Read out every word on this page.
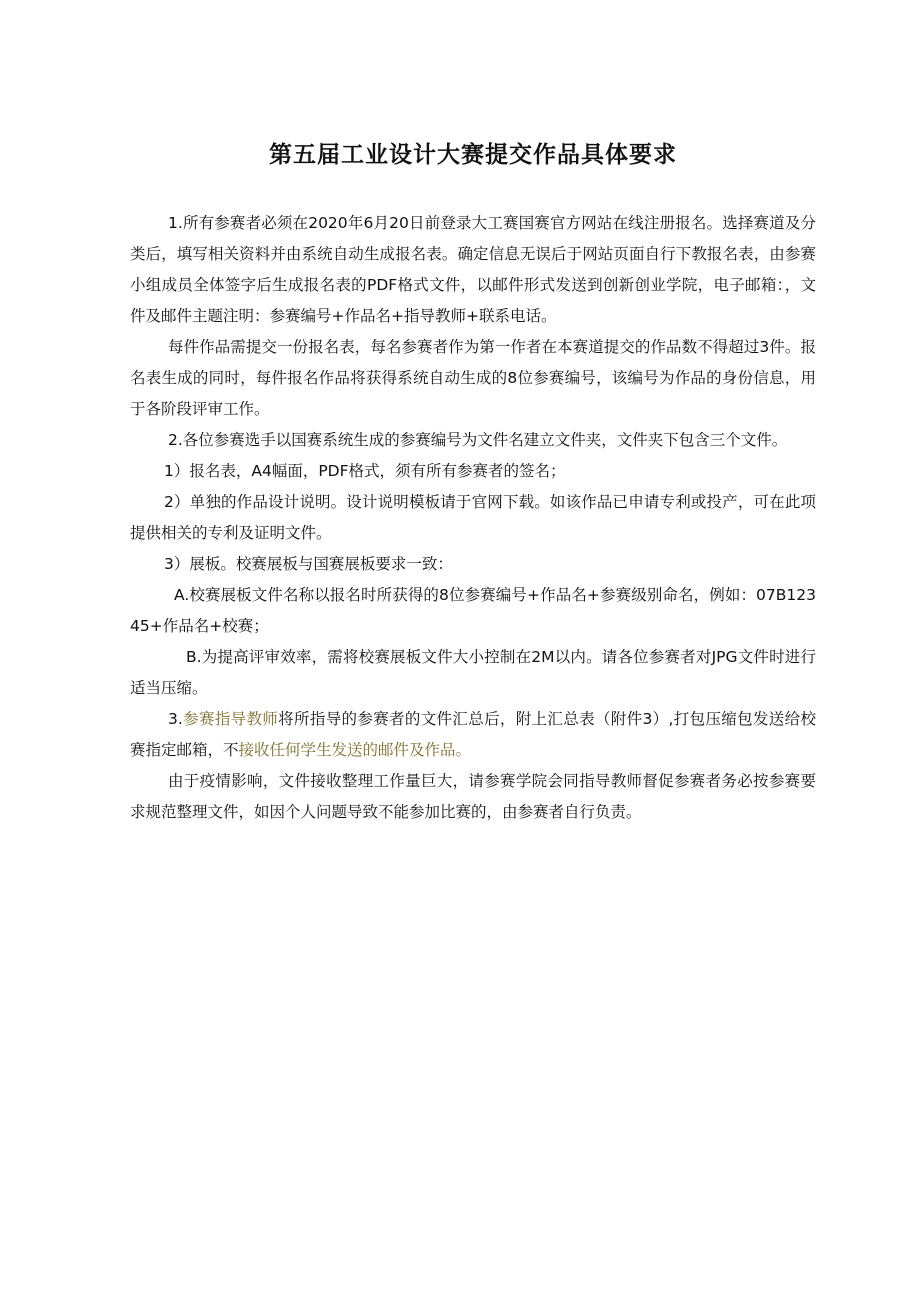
第五届工业设计大赛提交作品具体要求

1.所有参赛者必须在2020年6月20日前登录大工赛国赛官方网站在线注册报名。选择赛道及分类后，填写相关资料并由系统自动生成报名表。确定信息无误后于网站页面自行下教报名表，由参赛小组成员全体签字后生成报名表的PDF格式文件，以邮件形式发送到创新创业学院，电子邮箱：，文件及邮件主题注明：参赛编号+作品名+指导教师+联系电话。

每件作品需提交一份报名表，每名参赛者作为第一作者在本赛道提交的作品数不得超过3件。报名表生成的同时，每件报名作品将获得系统自动生成的8位参赛编号，该编号为作品的身份信息，用于各阶段评审工作。

2.各位参赛选手以国赛系统生成的参赛编号为文件名建立文件夹，文件夹下包含三个文件。

1）报名表，A4幅面，PDF格式，须有所有参赛者的签名；

2）单独的作品设计说明。设计说明模板请于官网下载。如该作品已申请专利或投产，可在此项提供相关的专利及证明文件。

3）展板。校赛展板与国赛展板要求一致：

A.校赛展板文件名称以报名时所获得的8位参赛编号+作品名+参赛级别命名，例如：07B12345+作品名+校赛；

B.为提高评审效率，需将校赛展板文件大小控制在2M以内。请各位参赛者对JPG文件时进行适当压缩。

3.参赛指导教师将所指导的参赛者的文件汇总后，附上汇总表（附件3）,打包压缩包发送给校赛指定邮箱，不接收任何学生发送的邮件及作品。

由于疫情影响，文件接收整理工作量巨大，请参赛学院会同指导教师督促参赛者务必按参赛要求规范整理文件，如因个人问题导致不能参加比赛的，由参赛者自行负责。
